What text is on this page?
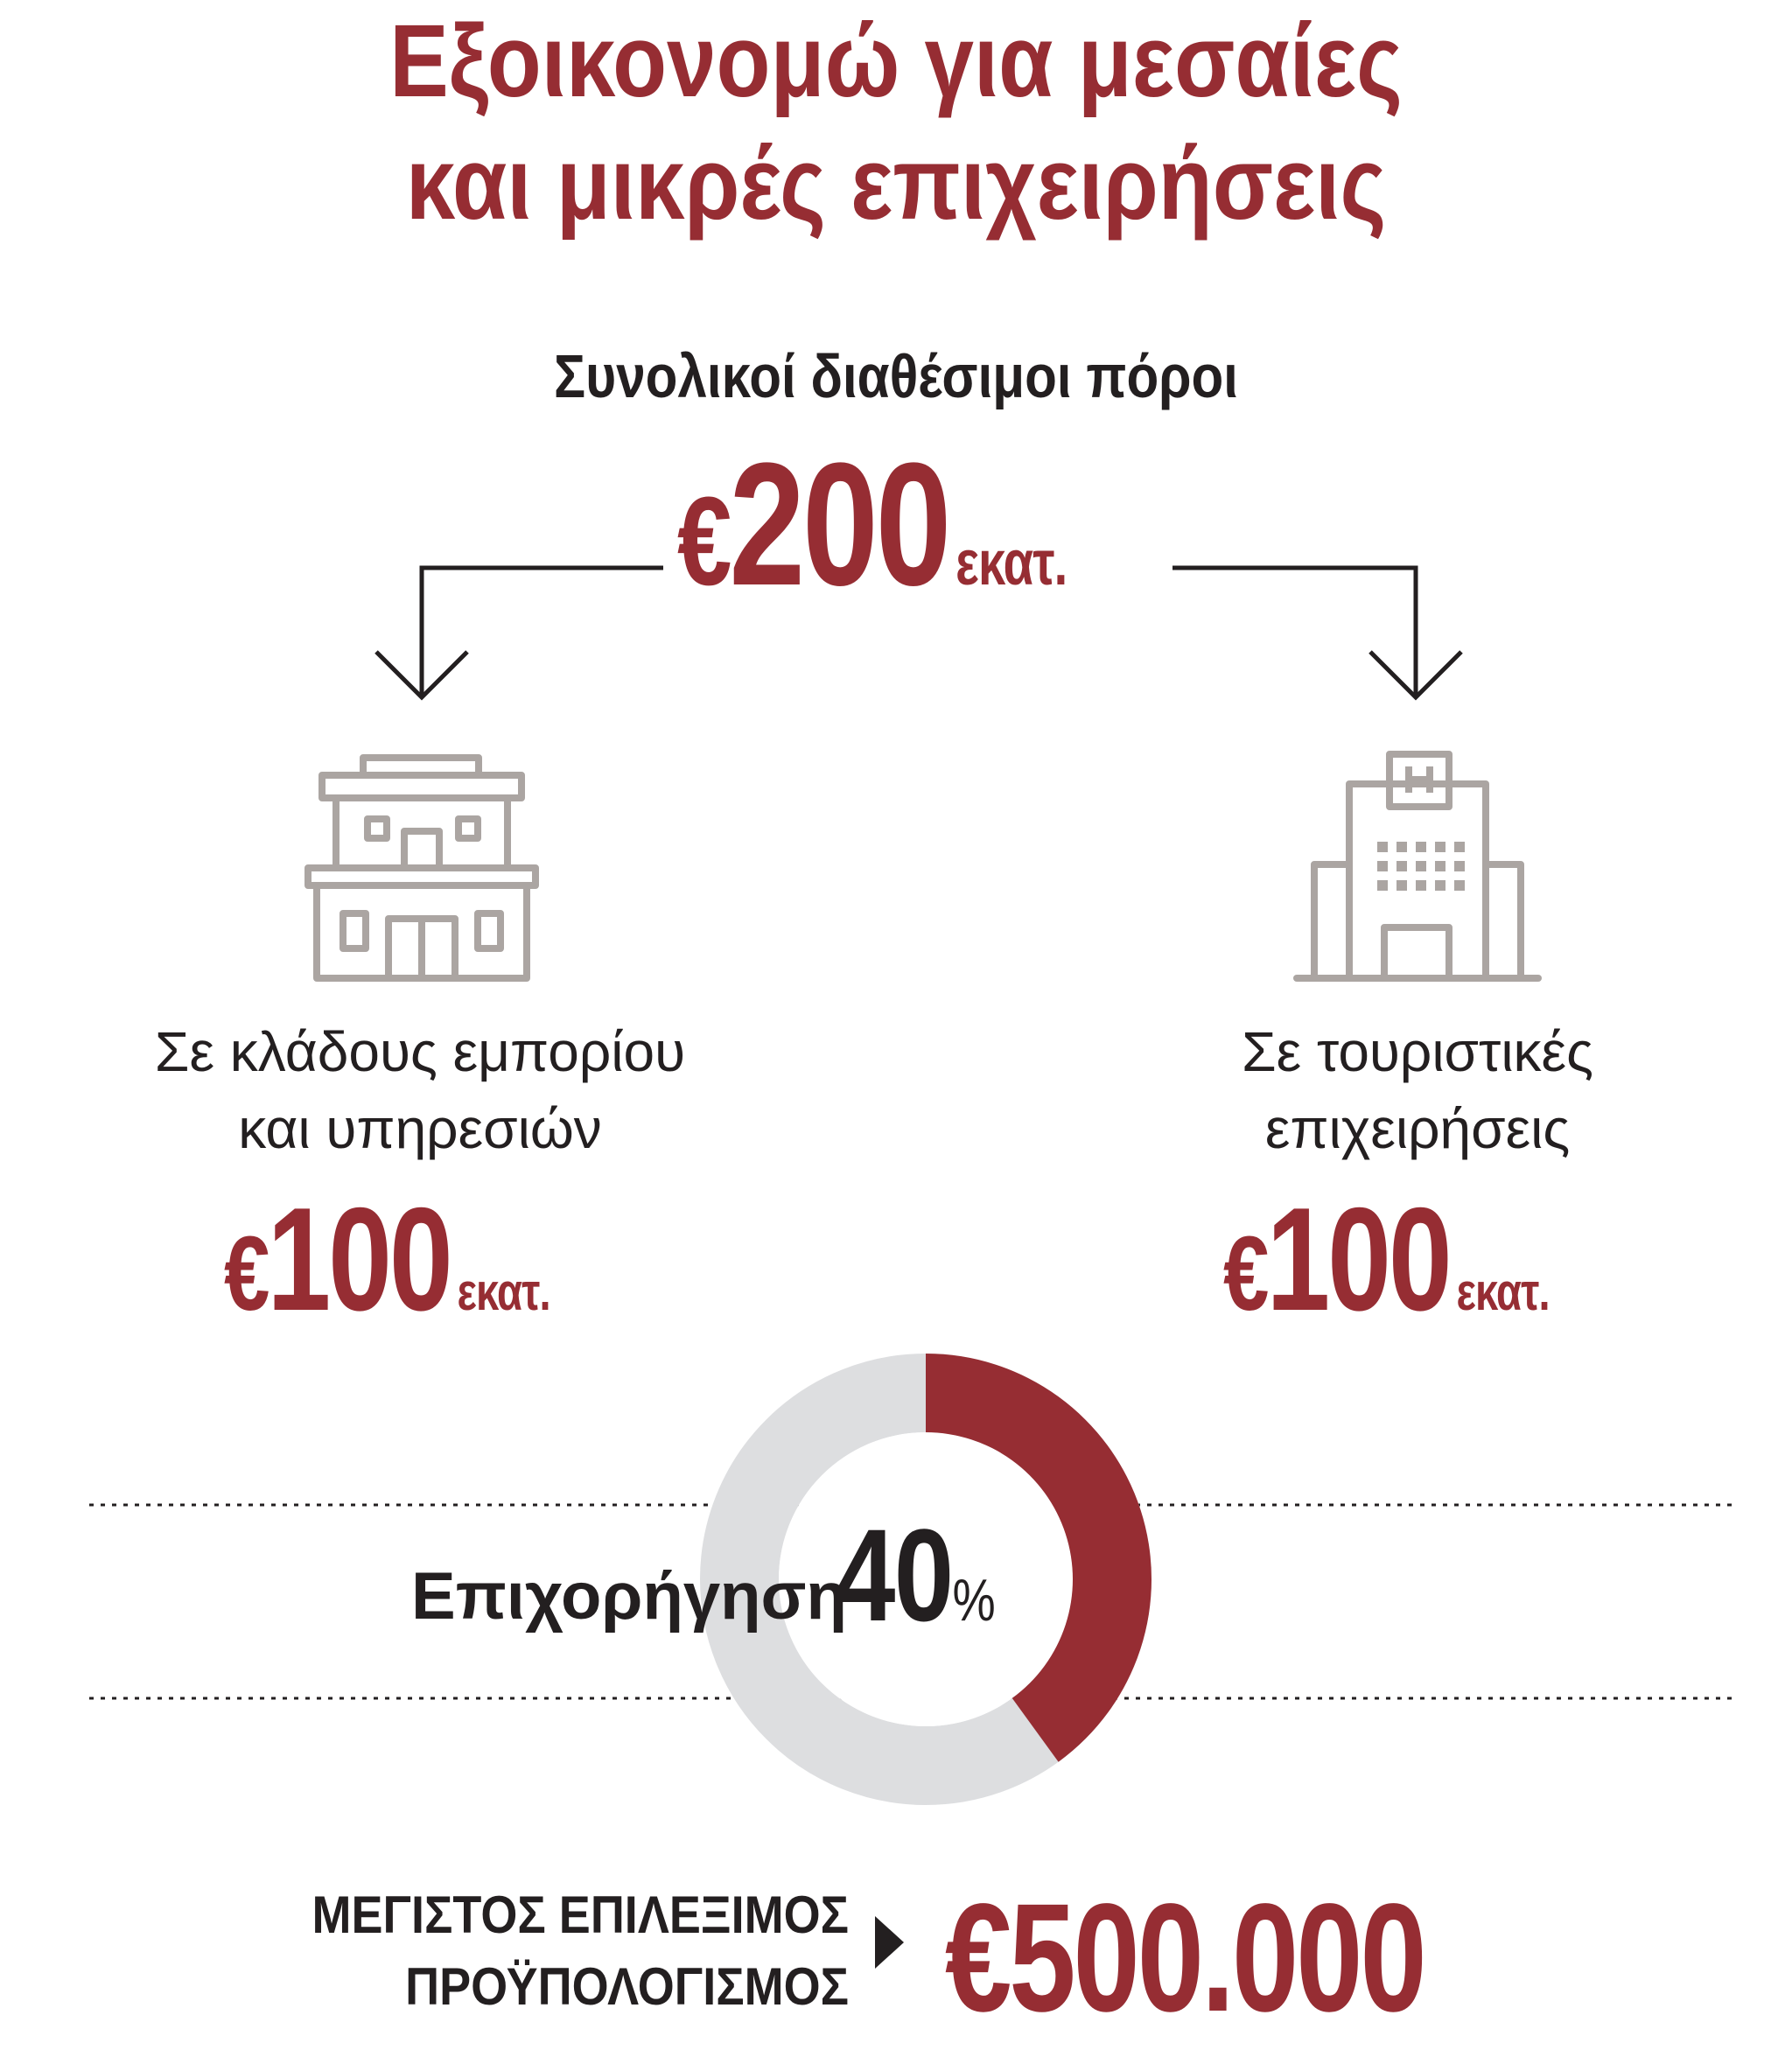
Εξοικονομώ για μεσαίες
και μικρές επιχειρήσεις
Συνολικοί διαθέσιμοι πόροι
€200 εκατ.
Σε κλάδους εμπορίου
και υπηρεσιών
€100 εκατ.
Σε τουριστικές
επιχειρήσεις
€100 εκατ.
Επιχορήγηση
40%
ΜΕΓΙΣΤΟΣ ΕΠΙΛΕΞΙΜΟΣ
ΠΡΟΫΠΟΛΟΓΙΣΜΟΣ €500.000
